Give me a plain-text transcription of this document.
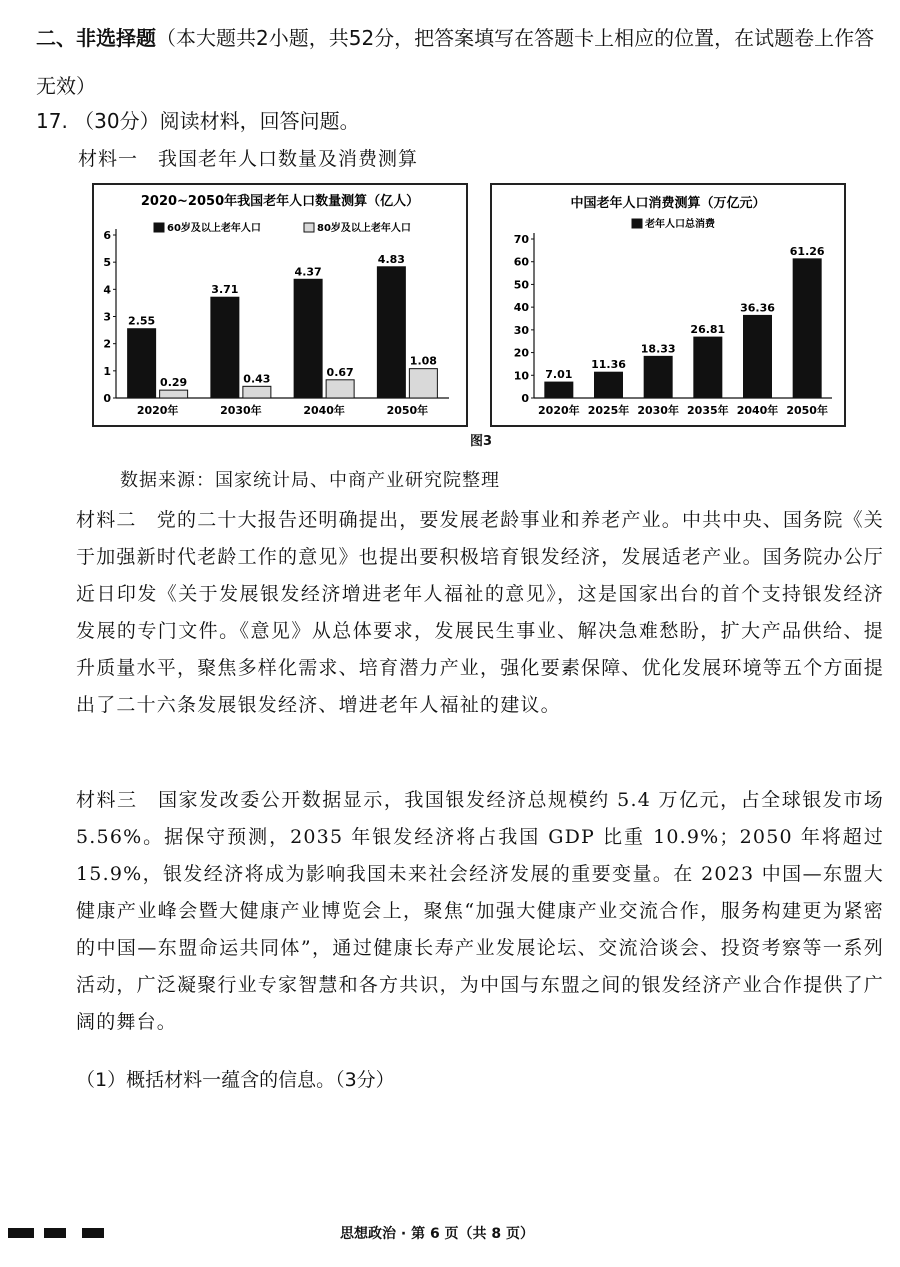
二、非选择题（本大题共2小题，共52分，把答案填写在答题卡上相应的位置，在试题卷上作答无效）
17. （30分）阅读材料，回答问题。
材料一　我国老年人口数量及消费测算
2020~2050年我国老年人口数量测算（亿人）
60岁及以上老年人口	80岁及以上老年人口
0
1
2
3
4
5
6
2.55
0.29
2020年
3.71
0.43
2030年
4.37
0.67
2040年
4.83
1.08
2050年
中国老年人口消费测算（万亿元）
老年人口总消费
0
10
20
30
40
50
60
70
7.01
2020年
11.36
2025年
18.33
2030年
26.81
2035年
36.36
2040年
61.26
2050年
图3
数据来源：国家统计局、中商产业研究院整理
材料二　党的二十大报告还明确提出，要发展老龄事业和养老产业。中共中央、国务院《关于加强新时代老龄工作的意见》也提出要积极培育银发经济，发展适老产业。国务院办公厅近日印发《关于发展银发经济增进老年人福祉的意见》，这是国家出台的首个支持银发经济发展的专门文件。《意见》从总体要求，发展民生事业、解决急难愁盼，扩大产品供给、提升质量水平，聚焦多样化需求、培育潜力产业，强化要素保障、优化发展环境等五个方面提出了二十六条发展银发经济、增进老年人福祉的建议。
材料三　国家发改委公开数据显示，我国银发经济总规模约 5.4 万亿元，占全球银发市场 5.56%。据保守预测，2035 年银发经济将占我国 GDP 比重 10.9%；2050 年将超过 15.9%，银发经济将成为影响我国未来社会经济发展的重要变量。在 2023 中国—东盟大健康产业峰会暨大健康产业博览会上，聚焦“加强大健康产业交流合作，服务构建更为紧密的中国—东盟命运共同体”，通过健康长寿产业发展论坛、交流洽谈会、投资考察等一系列活动，广泛凝聚行业专家智慧和各方共识，为中国与东盟之间的银发经济产业合作提供了广阔的舞台。
（1）概括材料一蕴含的信息。（3分）
思想政治 · 第 6 页（共 8 页）
